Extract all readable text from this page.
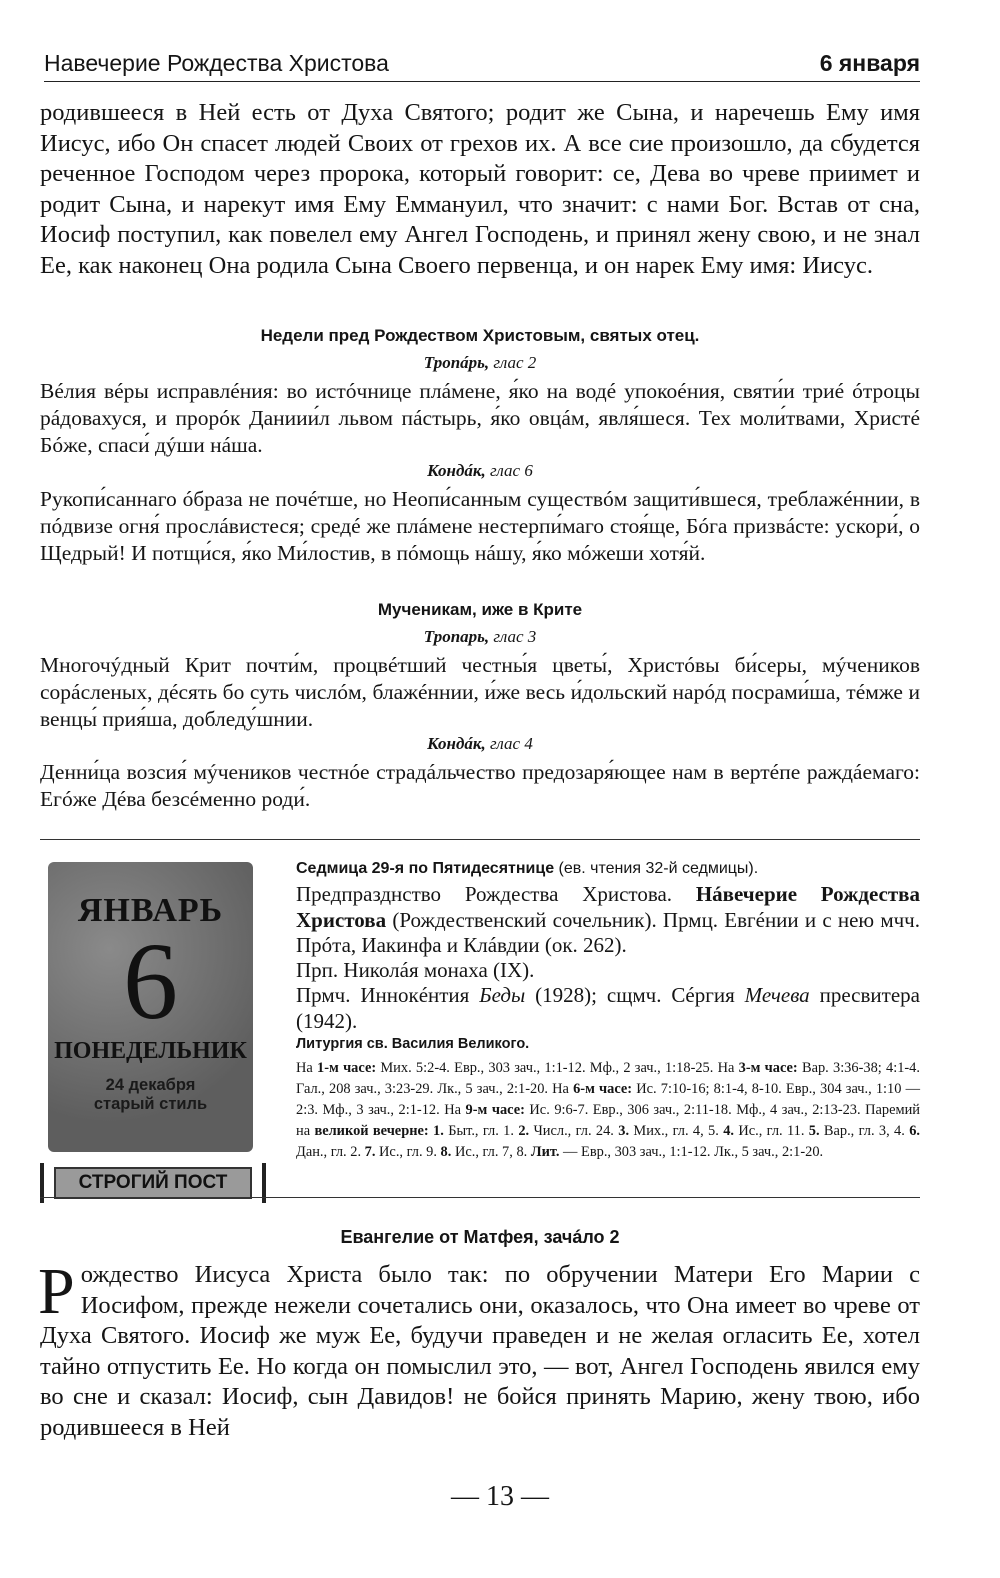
Навечерие Рождества Христова	6 января

родившееся в Ней есть от Духа Святого; родит же Сына, и наречешь Ему имя Иисус, ибо Он спасет людей Своих от грехов их. А все сие произошло, да сбудется реченное Господом через пророка, который говорит: се, Дева во чреве приимет и родит Сына, и нарекут имя Ему Еммануил, что значит: с нами Бог. Встав от сна, Иосиф поступил, как повелел ему Ангел Господень, и принял жену свою, и не знал Ее, как наконец Она родила Сына Своего первенца, и он нарек Ему имя: Иисус.

Недели пред Рождеством Христовым, святых отец.

Тропáрь, глас 2

Вéлия вéры исправлéния: во истóчнице плáмене, я́ко на водé упокоéния, святи́и триé óтроцы рáдовахуся, и прорóк Даниии́л львом пáстырь, я́ко овцáм, явля́шеся. Тех моли́твами, Христé Бóже, спаси́ дýши нáша.

Кондáк, глас 6

Рукопи́саннаго óбраза не почéтше, но Неопи́санным существóм защити́вшеся, треблажéннии, в пóдвизе огня́ прослáвистеся; средé же плáмене нестерпи́маго стоя́ще, Бóга призвáсте: ускори́, о Щедрый! И потщи́ся, я́ко Ми́лостив, в пóмощь нáшу, я́ко мóжеши хотя́й.

Мученикам, иже в Крите

Тропарь, глас 3

Многочýдный Крит почти́м, процвéтший честны́я цветы́, Христóвы би́серы, мýчеников сорáсленых, дéсять бо суть числóм, блажéннии, и́же весь и́дольский нарóд посрами́ша, тéмже и венцы́ прия́ша, добледу́шнии.

Кондáк, глас 4

Денни́ца возсия́ мýчеников честнóе страдáльчество предозаря́ющее нам в вертéпе раждáемаго: Егóже Дéва безсéменно роди́.

ЯНВАРЬ
6
ПОНЕДЕЛЬНИК
24 декабря
старый стиль
СТРОГИЙ ПОСТ

Седмица 29-я по Пятидесятнице (ев. чтения 32-й седмицы).

Предпразднство Рождества Христова. Нáвечерие Рождества Христова (Рождественский сочельник). Прмц. Евгéнии и с нею мчч. Прóта, Иакинфа и Клáвдии (ок. 262).

Прп. Николáя монаха (IX).

Прмч. Иннокéнтия Беды (1928); сщмч. Сéргия Мечева пресвитера (1942).

Литургия св. Василия Великого.

На 1-м часе: Мих. 5:2-4. Евр., 303 зач., 1:1-12. Мф., 2 зач., 1:18-25. На 3-м часе: Вар. 3:36-38; 4:1-4. Гал., 208 зач., 3:23-29. Лк., 5 зач., 2:1-20. На 6-м часе: Ис. 7:10-16; 8:1-4, 8-10. Евр., 304 зач., 1:10 — 2:3. Мф., 3 зач., 2:1-12. На 9-м часе: Ис. 9:6-7. Евр., 306 зач., 2:11-18. Мф., 4 зач., 2:13-23. Паремий на великой вечерне: 1. Быт., гл. 1. 2. Числ., гл. 24. 3. Мих., гл. 4, 5. 4. Ис., гл. 11. 5. Вар., гл. 3, 4. 6. Дан., гл. 2. 7. Ис., гл. 9. 8. Ис., гл. 7, 8. Лит. — Евр., 303 зач., 1:1-12. Лк., 5 зач., 2:1-20.

Евангелие от Матфея, зачáло 2

Рождество Иисуса Христа было так: по обручении Матери Его Марии с Иосифом, прежде нежели сочетались они, оказалось, что Она имеет во чреве от Духа Святого. Иосиф же муж Ее, будучи праведен и не желая огласить Ее, хотел тайно отпустить Ее. Но когда он помыслил это, — вот, Ангел Господень явился ему во сне и сказал: Иосиф, сын Давидов! не бойся принять Марию, жену твою, ибо родившееся в Ней

— 13 —
